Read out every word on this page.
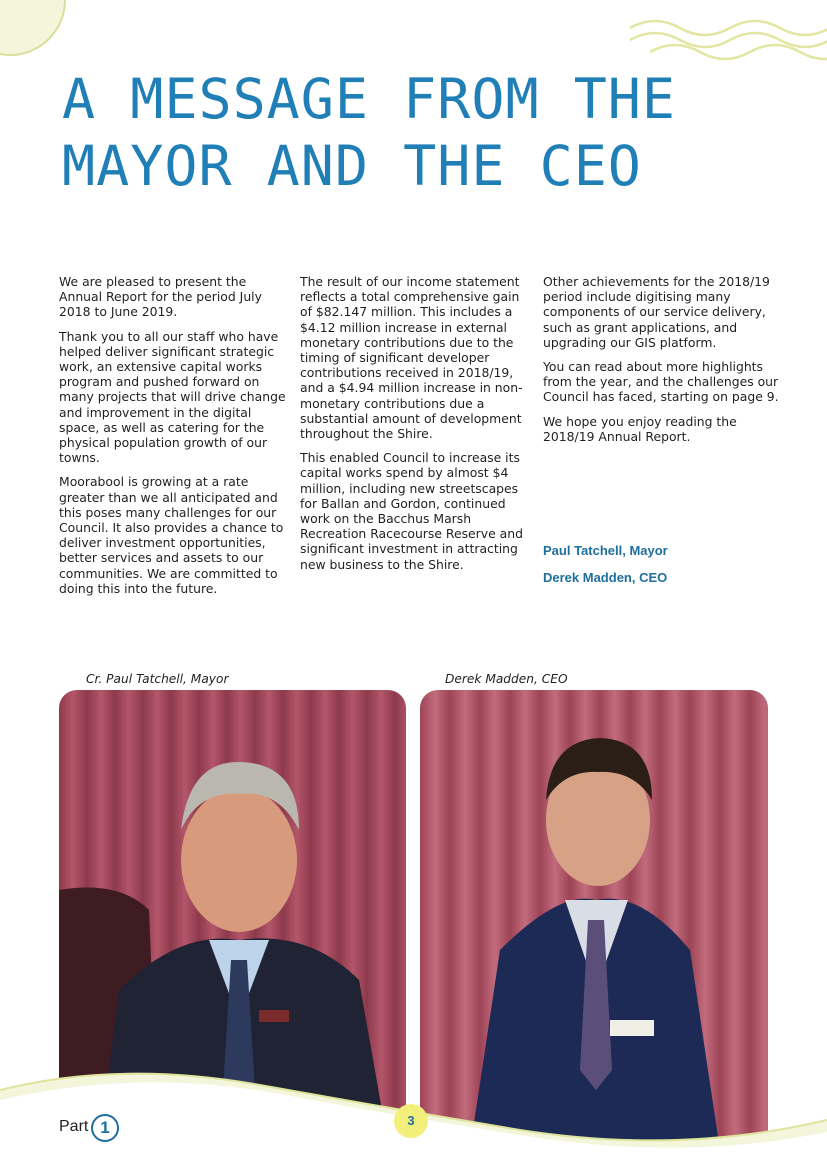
A MESSAGE FROM THE
MAYOR AND THE CEO

We are pleased to present the Annual Report for the period July 2018 to June 2019.

Thank you to all our staff who have helped deliver significant strategic work, an extensive capital works program and pushed forward on many projects that will drive change and improvement in the digital space, as well as catering for the physical population growth of our towns.

Moorabool is growing at a rate greater than we all anticipated and this poses many challenges for our Council. It also provides a chance to deliver investment opportunities, better services and assets to our communities. We are committed to doing this into the future.

The result of our income statement reflects a total comprehensive gain of $82.147 million. This includes a $4.12 million increase in external monetary contributions due to the timing of significant developer contributions received in 2018/19, and a $4.94 million increase in non-monetary contributions due a substantial amount of development throughout the Shire.

This enabled Council to increase its capital works spend by almost $4 million, including new streetscapes for Ballan and Gordon, continued work on the Bacchus Marsh Recreation Racecourse Reserve and significant investment in attracting new business to the Shire.

Other achievements for the 2018/19 period include digitising many components of our service delivery, such as grant applications, and upgrading our GIS platform.

You can read about more highlights from the year, and the challenges our Council has faced, starting on page 9.

We hope you enjoy reading the 2018/19 Annual Report.

Paul Tatchell, Mayor

Derek Madden, CEO

Cr. Paul Tatchell, Mayor	Derek Madden, CEO
Part 1	3
